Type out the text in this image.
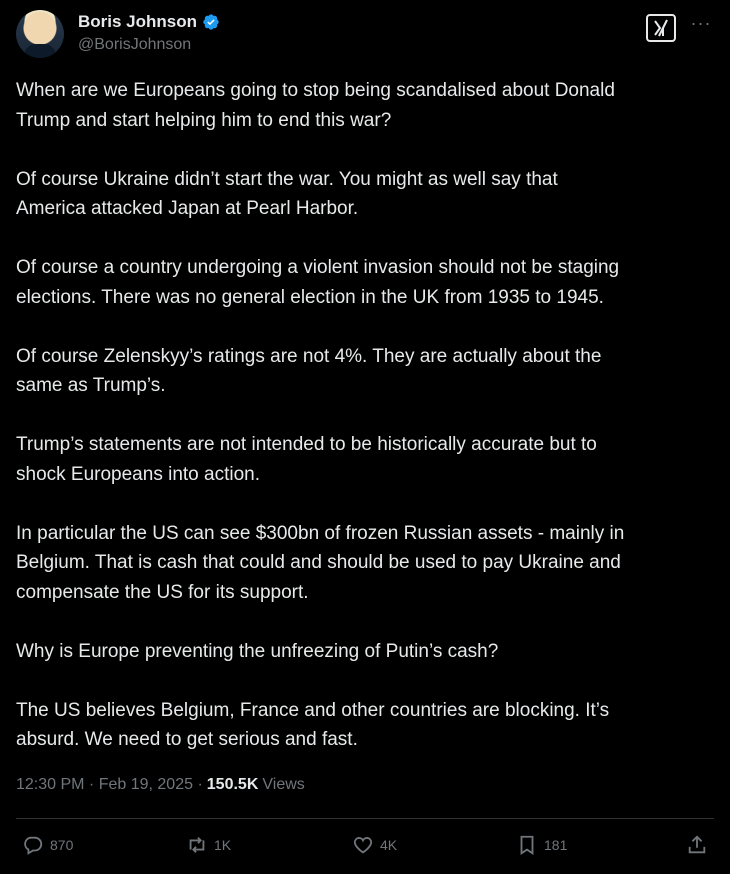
Boris Johnson
@BorisJohnson
···

When are we Europeans going to stop being scandalised about Donald
Trump and start helping him to end this war?

Of course Ukraine didn’t start the war. You might as well say that
America attacked Japan at Pearl Harbor.

Of course a country undergoing a violent invasion should not be staging
elections. There was no general election in the UK from 1935 to 1945.

Of course Zelenskyy’s ratings are not 4%. They are actually about the
same as Trump’s.

Trump’s statements are not intended to be historically accurate but to
shock Europeans into action.

In particular the US can see $300bn of frozen Russian assets - mainly in
Belgium. That is cash that could and should be used to pay Ukraine and
compensate the US for its support.

Why is Europe preventing the unfreezing of Putin’s cash?

The US believes Belgium, France and other countries are blocking. It’s
absurd. We need to get serious and fast.

12:30 PM · Feb 19, 2025 · 150.5K Views
870	1K	4K	181
